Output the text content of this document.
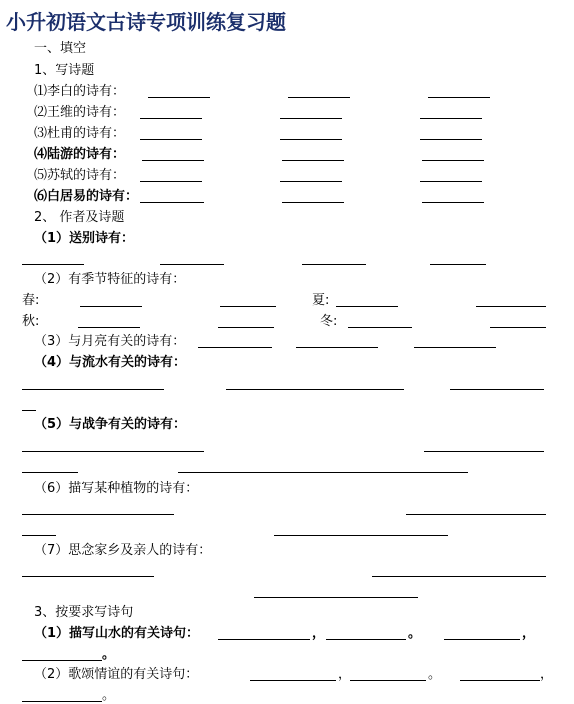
小升初语文古诗专项训练复习题
一、填空
1、写诗题
⑴李白的诗有：
⑵王维的诗有：
⑶杜甫的诗有：
⑷陆游的诗有：
⑸苏轼的诗有：
⑹白居易的诗有：
2、 作者及诗题
（1）送别诗有：
（2）有季节特征的诗有：
春:	夏:
秋:	冬:
（3）与月亮有关的诗有：
（4）与流水有关的诗有：
（5）与战争有关的诗有：
（6）描写某种植物的诗有：
（7）思念家乡及亲人的诗有：
3、按要求写诗句
（1）描写山水的有关诗句：	，	。	，
。
（2）歌颂情谊的有关诗句：	，	。	，
。
